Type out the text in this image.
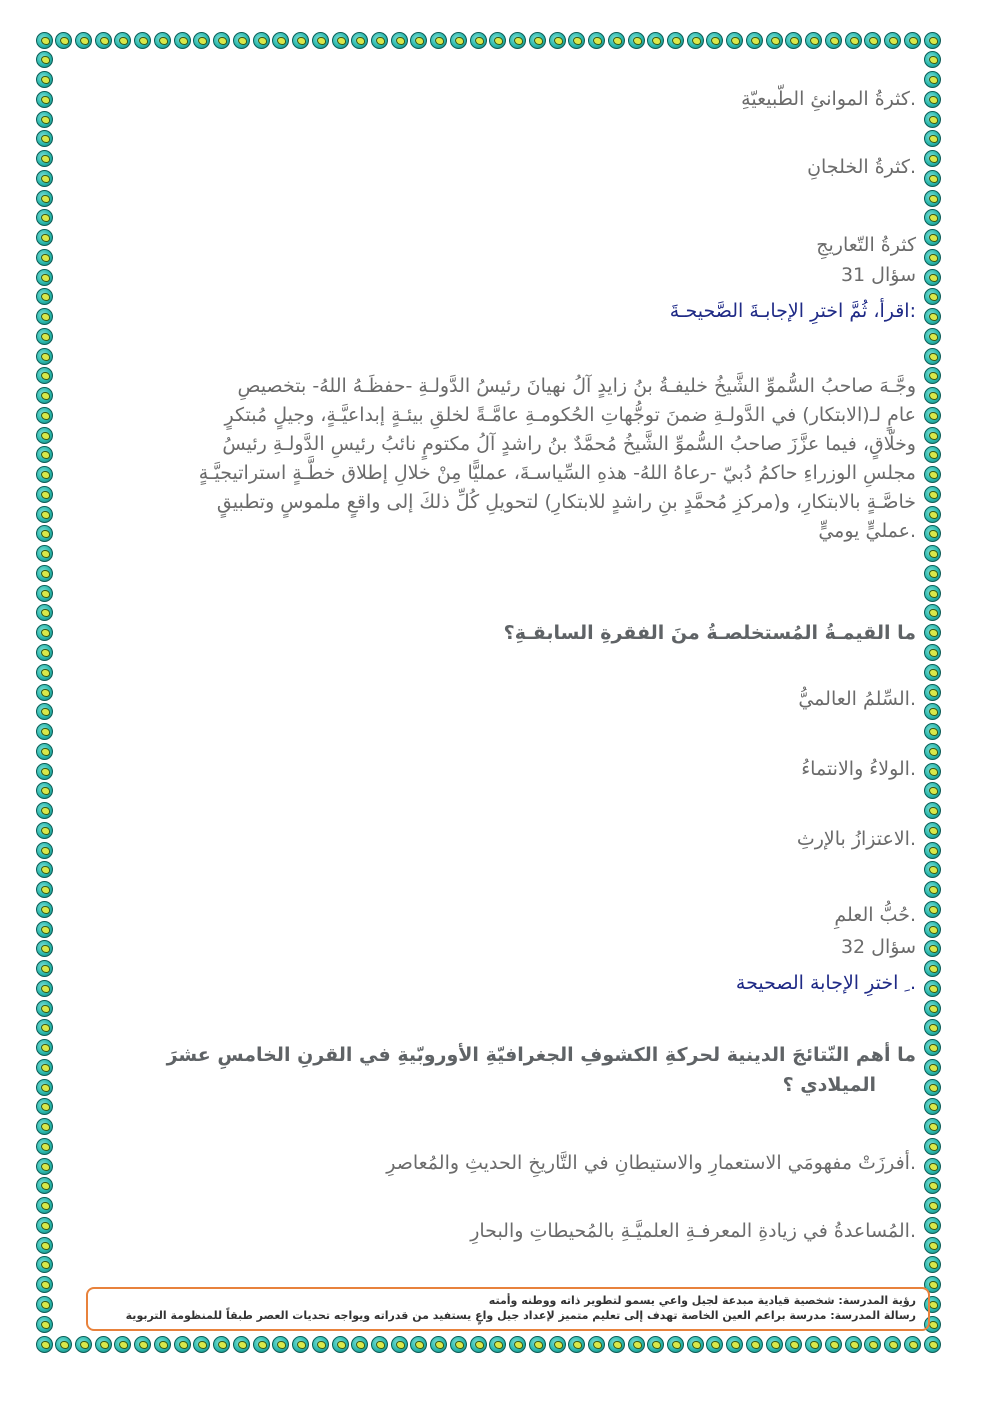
.كثرةُ الموانئِ الطّبيعيّةِ
.كثرةُ الخلجانِ
كثرةُ التّعاريجِ
سؤال 31
:اقرأ، ثُمَّ اخترِ الإجابـةَ الصَّحيحـةَ

وجَّـهَ صاحبُ السُّموِّ الشَّيخُ خليفـةُ بنُ زايدٍ آلُ نهيانَ رئيسُ الدَّولـةِ -حفظَـهُ اللهُ- بتخصيصِ

عامٍ لـ(الابتكار) في الدَّولـةِ ضمنَ توجُّهاتِ الحُكومـةِ عامَّـةً لخلقِ بيئـةٍ إبداعيَّـةٍ، وجيلٍ مُبتكرٍ

وخلّاقٍ، فيما عزَّزَ صاحبُ السُّموِّ الشَّيخُ مُحمَّدٌ بنُ راشدٍ آلُ مكتومٍ نائبُ رئيسِ الدَّولـةِ رئيسُ

مجلسِ الوزراءِ حاكمُ دُبيّ -رعاهُ اللهُ- هذهِ السِّياسـةَ، عمليًّا مِنْ خلالِ إطلاق خطَّـةٍ استراتيجيَّـةٍ

خاصَّـةٍ بالابتكارِ، و(مركزِ مُحمَّدٍ بنِ راشدٍ للابتكارِ) لتحويلِ كُلِّ ذلكَ إلى واقعٍ ملموسٍ وتطبيقٍ

.عمليٍّ يوميٍّ

ما القيمـةُ المُستخلصـةُ منَ الفقرةِ السابقـةِ؟
.السِّلمُ العالميُّ
.الولاءُ والانتماءُ
.الاعتزازُ بالإرثِ
.حُبُّ العلمِ
سؤال 32
. ِ اخترِ الإجابة الصحيحة
ما أهم النّتائجَ الدينية لحركةِ الكشوفِ الجغرافيّةِ الأوروبّيةِ في القرنِ الخامسِ عشرَ
الميلادي ؟
.أفرزَتْ مفهومَي الاستعمارِ والاستيطانِ في التَّاريخِ الحديثِ والمُعاصرِ
.المُساعدةُ في زيادةِ المعرفـةِ العلميَّـةِ بالمُحيطاتِ والبحارِ
رؤية المدرسة: شخصية قيادية مبدعة لجيل واعي يسمو لتطوير ذاته ووطنه وأمته
رسالة المدرسة: مدرسة براعم العين الخاصة تهدف إلى تعليم متميز لإعداد جيل واعٍ يستفيد من قدراته ويواجه تحديات العصر طبقاً للمنظومة التربوية
